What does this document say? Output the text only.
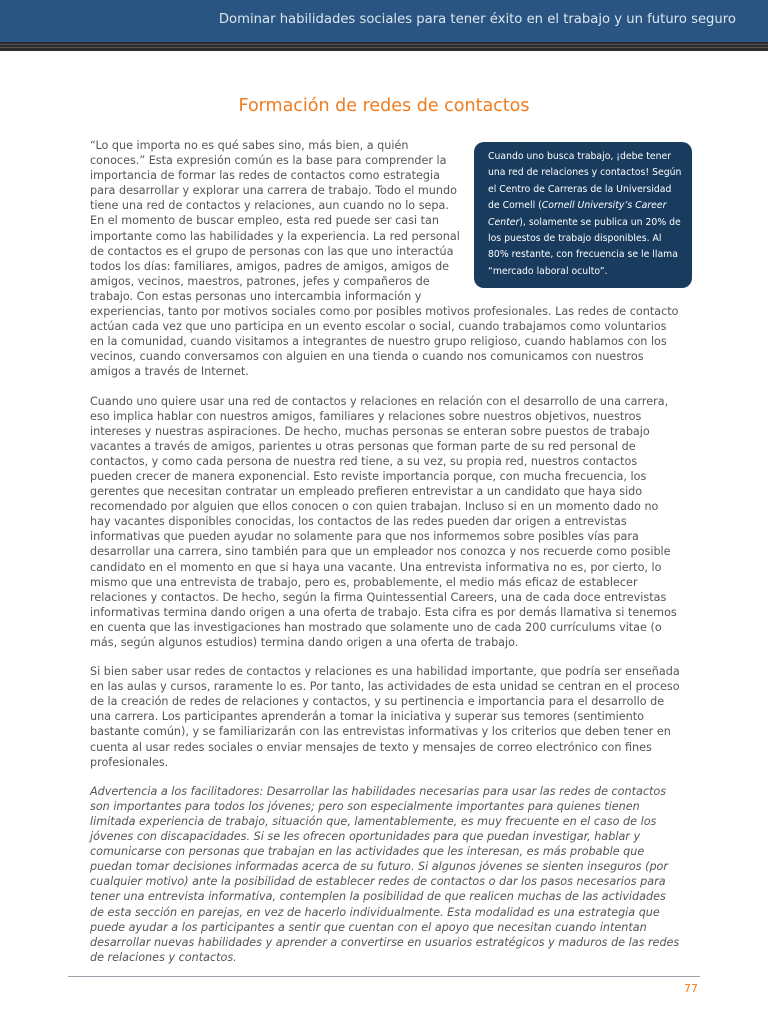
Dominar habilidades sociales para tener éxito en el trabajo y un futuro seguro
Formación de redes de contactos
Cuando uno busca trabajo, ¡debe tener una red de relaciones y contactos! Según el Centro de Carreras de la Universidad de Cornell (Cornell University’s Career Center), solamente se publica un 20% de los puestos de trabajo disponibles. Al 80% restante, con frecuencia se le llama “mercado laboral oculto”.

“Lo que importa no es qué sabes sino, más bien, a quién conoces.” Esta expresión común es la base para comprender la importancia de formar las redes de contactos como estrategia para desarrollar y explorar una carrera de trabajo. Todo el mundo tiene una red de contactos y relaciones, aun cuando no lo sepa. En el momento de buscar empleo, esta red puede ser casi tan importante como las habilidades y la experiencia. La red personal de contactos es el grupo de personas con las que uno interactúa todos los días: familiares, amigos, padres de amigos, amigos de amigos, vecinos, maestros, patrones, jefes y compañeros de trabajo. Con estas personas uno intercambia información y experiencias, tanto por motivos sociales como por posibles motivos profesionales. Las redes de contacto actúan cada vez que uno participa en un evento escolar o social, cuando trabajamos como voluntarios en la comunidad, cuando visitamos a integrantes de nuestro grupo religioso, cuando hablamos con los vecinos, cuando conversamos con alguien en una tienda o cuando nos comunicamos con nuestros amigos a través de Internet.

Cuando uno quiere usar una red de contactos y relaciones en relación con el desarrollo de una carrera, eso implica hablar con nuestros amigos, familiares y relaciones sobre nuestros objetivos, nuestros intereses y nuestras aspiraciones. De hecho, muchas personas se enteran sobre puestos de trabajo vacantes a través de amigos, parientes u otras personas que forman parte de su red personal de contactos, y como cada persona de nuestra red tiene, a su vez, su propia red, nuestros contactos pueden crecer de manera exponencial. Esto reviste importancia porque, con mucha frecuencia, los gerentes que necesitan contratar un empleado prefieren entrevistar a un candidato que haya sido recomendado por alguien que ellos conocen o con quien trabajan. Incluso si en un momento dado no hay vacantes disponibles conocidas, los contactos de las redes pueden dar origen a entrevistas informativas que pueden ayudar no solamente para que nos informemos sobre posibles vías para desarrollar una carrera, sino también para que un empleador nos conozca y nos recuerde como posible candidato en el momento en que si haya una vacante. Una entrevista informativa no es, por cierto, lo mismo que una entrevista de trabajo, pero es, probablemente, el medio más eficaz de establecer relaciones y contactos. De hecho, según la firma Quintessential Careers, una de cada doce entrevistas informativas termina dando origen a una oferta de trabajo. Esta cifra es por demás llamativa si tenemos en cuenta que las investigaciones han mostrado que solamente uno de cada 200 currículums vitae (o más, según algunos estudios) termina dando origen a una oferta de trabajo.

Si bien saber usar redes de contactos y relaciones es una habilidad importante, que podría ser enseñada en las aulas y cursos, raramente lo es. Por tanto, las actividades de esta unidad se centran en el proceso de la creación de redes de relaciones y contactos, y su pertinencia e importancia para el desarrollo de una carrera. Los participantes aprenderán a tomar la iniciativa y superar sus temores (sentimiento bastante común), y se familiarizarán con las entrevistas informativas y los criterios que deben tener en cuenta al usar redes sociales o enviar mensajes de texto y mensajes de correo electrónico con fines profesionales.

Advertencia a los facilitadores: Desarrollar las habilidades necesarias para usar las redes de contactos son importantes para todos los jóvenes; pero son especialmente importantes para quienes tienen limitada experiencia de trabajo, situación que, lamentablemente, es muy frecuente en el caso de los jóvenes con discapacidades. Si se les ofrecen oportunidades para que puedan investigar, hablar y comunicarse con personas que trabajan en las actividades que les interesan, es más probable que puedan tomar decisiones informadas acerca de su futuro. Si algunos jóvenes se sienten inseguros (por cualquier motivo) ante la posibilidad de establecer redes de contactos o dar los pasos necesarios para tener una entrevista informativa, contemplen la posibilidad de que realicen muchas de las actividades de esta sección en parejas, en vez de hacerlo individualmente. Esta modalidad es una estrategia que puede ayudar a los participantes a sentir que cuentan con el apoyo que necesitan cuando intentan desarrollar nuevas habilidades y aprender a convertirse en usuarios estratégicos y maduros de las redes de relaciones y contactos.

77
